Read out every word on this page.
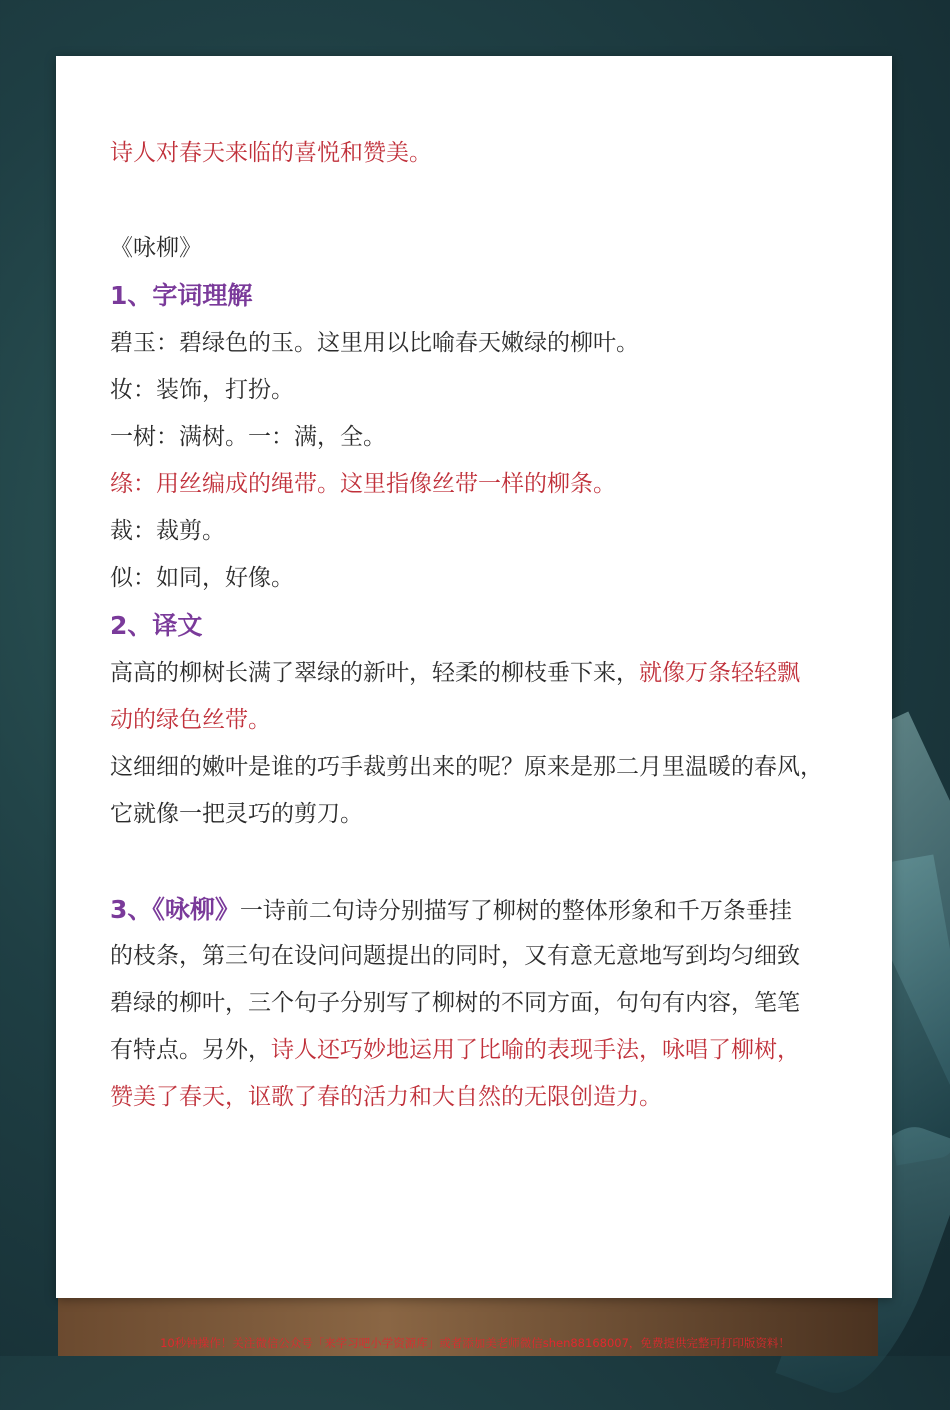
诗人对春天来临的喜悦和赞美。
《咏柳》
1、字词理解
碧玉：碧绿色的玉。这里用以比喻春天嫩绿的柳叶。
妆：装饰，打扮。
一树：满树。一：满，全。
绦：用丝编成的绳带。这里指像丝带一样的柳条。
裁：裁剪。
似：如同，好像。
2、译文
高高的柳树长满了翠绿的新叶，轻柔的柳枝垂下来，就像万条轻轻飘
动的绿色丝带。
这细细的嫩叶是谁的巧手裁剪出来的呢？原来是那二月里温暖的春风，
它就像一把灵巧的剪刀。
3、《咏柳》一诗前二句诗分别描写了柳树的整体形象和千万条垂挂
的枝条，第三句在设问问题提出的同时，又有意无意地写到均匀细致
碧绿的柳叶，三个句子分别写了柳树的不同方面，句句有内容，笔笔
有特点。另外，诗人还巧妙地运用了比喻的表现手法，咏唱了柳树，
赞美了春天，讴歌了春的活力和大自然的无限创造力。
10秒钟操作！关注微信公众号「来学习吧小学资源库」或者添加美老师微信shen88168007，免费提供完整可打印版资料！
